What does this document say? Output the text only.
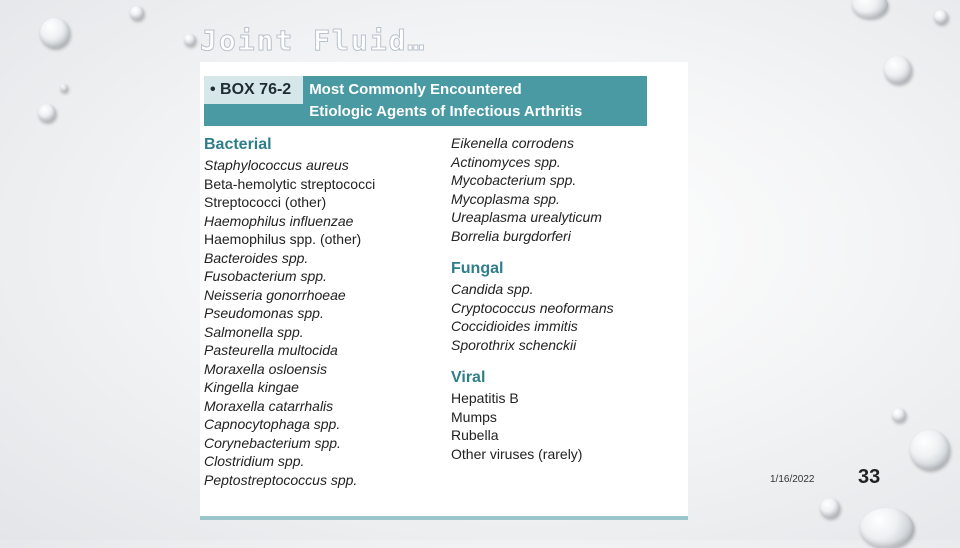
Joint Fluid…
• BOX 76-2	Most Commonly Encountered
Etiologic Agents of Infectious Arthritis
Bacterial
Staphylococcus aureus
Beta-hemolytic streptococci
Streptococci (other)
Haemophilus influenzae
Haemophilus spp. (other)
Bacteroides spp.
Fusobacterium spp.
Neisseria gonorrhoeae
Pseudomonas spp.
Salmonella spp.
Pasteurella multocida
Moraxella osloensis
Kingella kingae
Moraxella catarrhalis
Capnocytophaga spp.
Corynebacterium spp.
Clostridium spp.
Peptostreptococcus spp.
Eikenella corrodens
Actinomyces spp.
Mycobacterium spp.
Mycoplasma spp.
Ureaplasma urealyticum
Borrelia burgdorferi
Fungal
Candida spp.
Cryptococcus neoformans
Coccidioides immitis
Sporothrix schenckii
Viral
Hepatitis B
Mumps
Rubella
Other viruses (rarely)
1/16/2022 33
